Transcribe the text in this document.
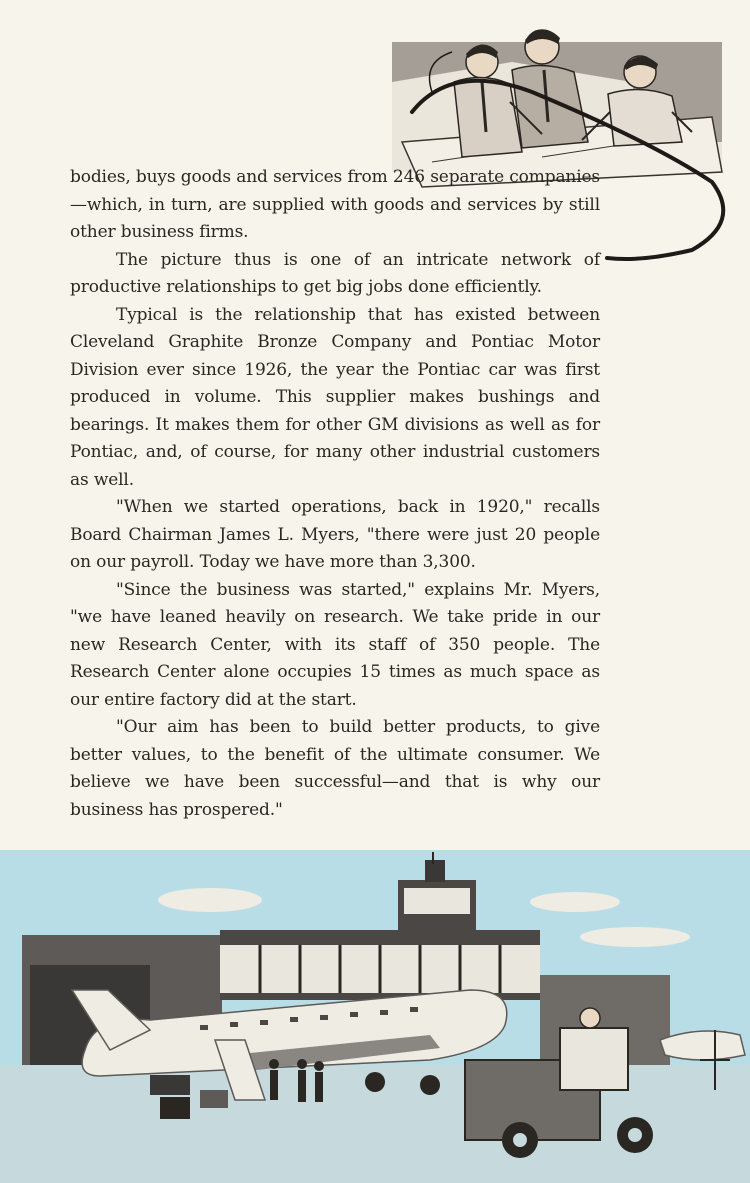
bodies, buys goods and services from 246 separate companies—which, in turn, are supplied with goods and services by still other business firms.

The picture thus is one of an intricate network of productive relationships to get big jobs done efficiently.

Typical is the relationship that has existed between Cleveland Graphite Bronze Company and Pontiac Motor Division ever since 1926, the year the Pontiac car was first produced in volume. This supplier makes bushings and bearings. It makes them for other GM divisions as well as for Pontiac, and, of course, for many other industrial customers as well.

"When we started operations, back in 1920," recalls Board Chairman James L. Myers, "there were just 20 people on our payroll. Today we have more than 3,300.

"Since the business was started," explains Mr. Myers, "we have leaned heavily on research. We take pride in our new Research Center, with its staff of 350 people. The Research Center alone occupies 15 times as much space as our entire factory did at the start.

"Our aim has been to build better products, to give better values, to the benefit of the ultimate consumer. We believe we have been successful—and that is why our business has prospered."
